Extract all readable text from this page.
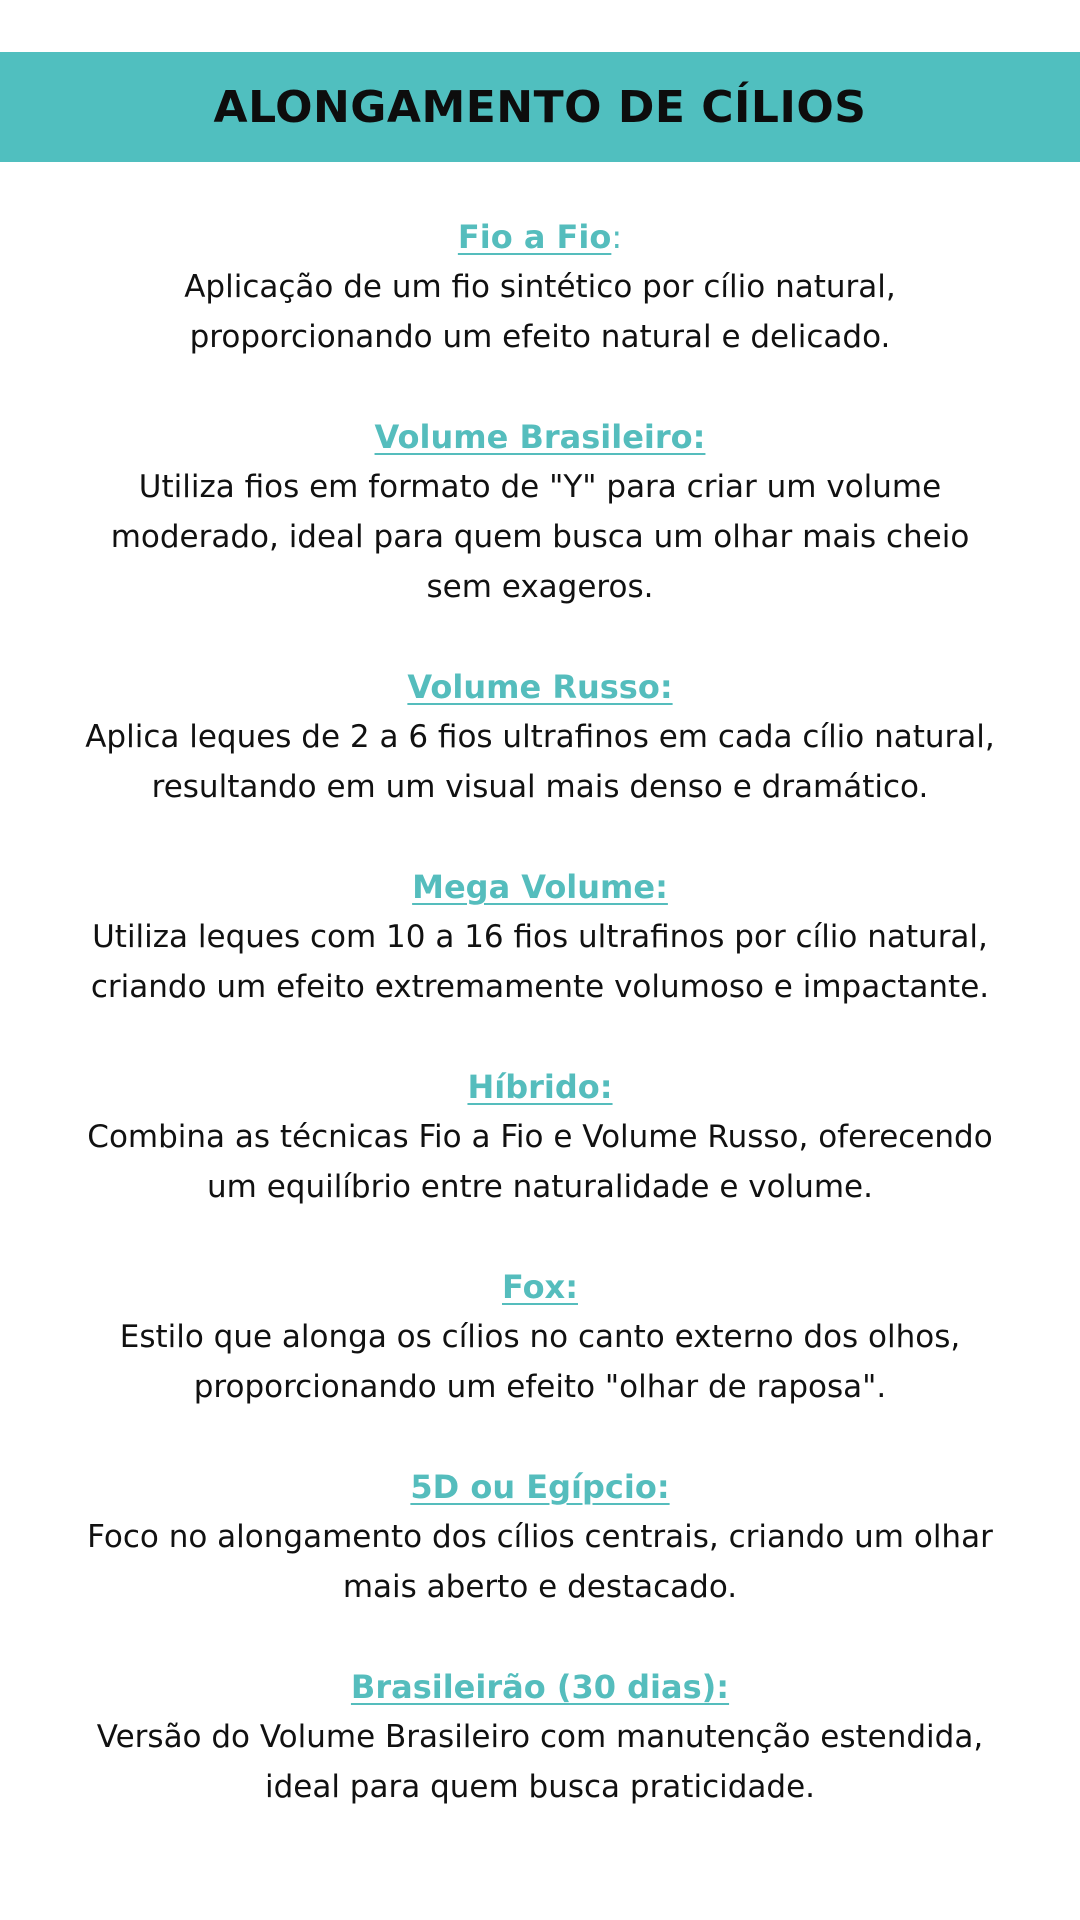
ALONGAMENTO DE CÍLIOS
Fio a Fio:

Aplicação de um fio sintético por cílio natural,
proporcionando um efeito natural e delicado.

Volume Brasileiro:

Utiliza fios em formato de "Y" para criar um volume
moderado, ideal para quem busca um olhar mais cheio
sem exageros.

Volume Russo:

Aplica leques de 2 a 6 fios ultrafinos em cada cílio natural,
resultando em um visual mais denso e dramático.

Mega Volume:

Utiliza leques com 10 a 16 fios ultrafinos por cílio natural,
criando um efeito extremamente volumoso e impactante.

Híbrido:

Combina as técnicas Fio a Fio e Volume Russo, oferecendo
um equilíbrio entre naturalidade e volume.

Fox:

Estilo que alonga os cílios no canto externo dos olhos,
proporcionando um efeito "olhar de raposa".

5D ou Egípcio:

Foco no alongamento dos cílios centrais, criando um olhar
mais aberto e destacado.

Brasileirão (30 dias):

Versão do Volume Brasileiro com manutenção estendida,
ideal para quem busca praticidade.
